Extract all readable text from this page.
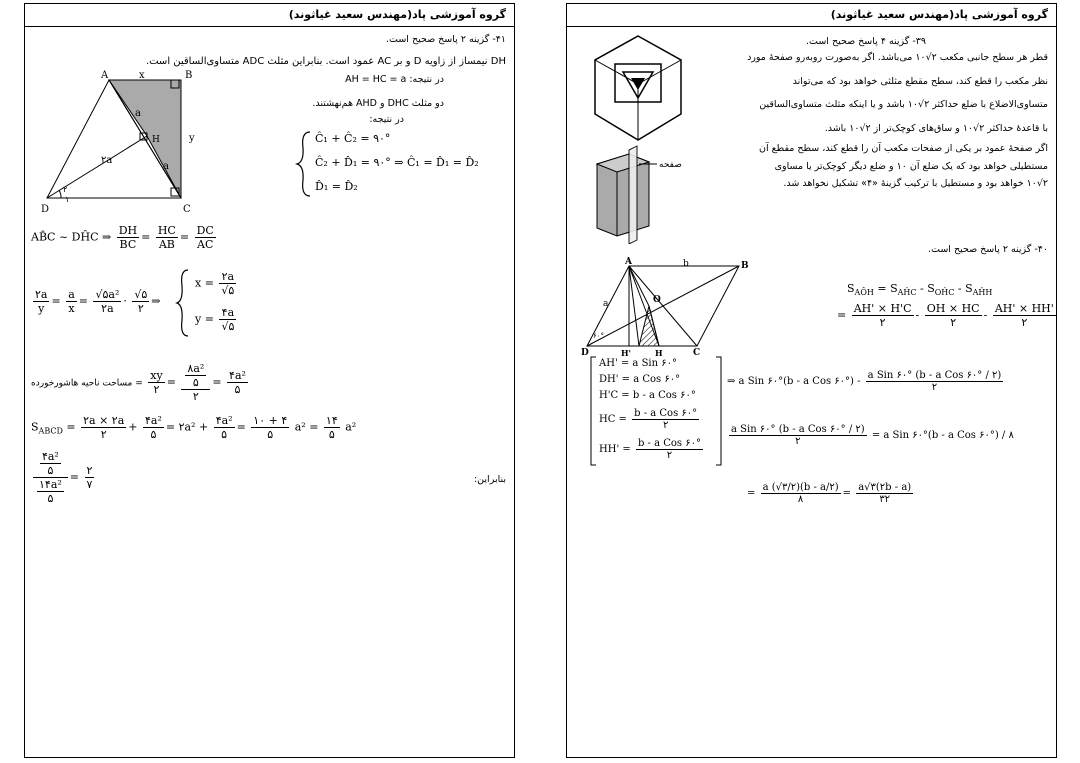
گروه آموزشی پاد(مهندس سعید غیاثوند)
۴۱- گزینه ۲ پاسخ صحیح است.
DH نیمساز از زاویه D و بر AC عمود است. بنابراین مثلث ADC متساوی‌الساقین است.
در نتیجه: AH = HC = a
دو مثلث DHC و AHD هم‌نهشتند.
در نتیجه:
Ĉ₁ + Ĉ₂ = ۹۰°
Ĉ₂ + D̂₁ = ۹۰° ⇒ Ĉ₁ = D̂₁ = D̂₂
D̂₁ = D̂₂
A	B
C
D
H
x
y
a
a
۲a
۲
۱
AB̂C ~ DĤC ⇒ $\frac{DH}{BC} = \frac{HC}{AB} = \frac{DC}{AC}$
$\frac{۲a}{y} = \frac{a}{x} = \frac{\text{√۵a²}}{۲a} \cdot \frac{√۵}{۲}$ ⇒
$x = \frac{۲a}{√۵}$
$y = \frac{۴a}{√۵}$
مساحت ناحیه هاشورخورده = $\frac{xy}{۲} = \frac{\frac{\text{۸a²}}{۵}}{۲} = \frac{\text{۴a²}}{۵}$
$S_{ABCD} = \frac{۲a \times ۲a}{۲} + \frac{\text{۴a²}}{۵}$ = ۲a² + $\frac{\text{۴a²}}{۵} = \frac{۱۰ + ۴}{۵} a^2 = \frac{۱۴}{۵} a^2$
بنابراین:
$\frac{\frac{\text{۴a²}}{۵}}{\frac{\text{۱۴a²}}{۵}} = \frac{۲}{۷}$
گروه آموزشی پاد(مهندس سعید غیاثوند)
صفحه
۳۹- گزینه ۴ پاسخ صحیح است.
قطر هر سطح جانبی مکعب ۲√۱۰ می‌باشد. اگر به‌صورت روبه‌رو صفحهٔ مورد
نظر مکعب را قطع کند، سطح مقطع مثلثی خواهد بود که می‌تواند
متساوی‌الاضلاع با ضلع حداکثر ۲√۱۰ باشد و یا اینکه مثلث متساوی‌الساقین
با قاعدهٔ حداکثر ۲√۱۰ و ساق‌های کوچک‌تر از ۲√۱۰ باشد.
اگر صفحهٔ عمود بر یکی از صفحات مکعب آن را قطع کند، سطح مقطع آن
مستطیلی خواهد بود که یک ضلع آن ۱۰ و ضلع دیگر کوچک‌تر یا مساوی
۲√۱۰ خواهد بود و مستطیل با ترکیب گزینهٔ «۴» تشکیل نخواهد شد.
۴۰- گزینه ۲ پاسخ صحیح است.
A	B
C
D
O
H
H'
a
b
۶۰°
$S_{AÔH} = S_{AĤC} - S_{OĤC} - S_{AĤH}$
= $\frac{AH' \times H'C}{۲} - \frac{OH \times HC}{۲} - \frac{AH' \times HH'}{۲}$
AH' = a Sin ۶۰°
DH' = a Cos ۶۰°
H'C = b - a Cos ۶۰°
HC = $\frac{\text{b - a Cos ۶۰°}}{۲}$
$HH' = \frac{\text{b - a Cos ۶۰°}}{۲}$
⇒ a Sin ۶۰°(b - a Cos ۶۰°) - $\frac{\text{a Sin ۶۰° (b - a Cos ۶۰° / ۲)}}{۲}$
$\frac{\text{a Sin ۶۰° (b - a Cos ۶۰° / ۲)}}{۲} = a$ Sin ۶۰°(b - a Cos ۶۰°) / ۸
= $\frac{a (√۳/۲)(b - a/۲)}{۸} = \frac{a√۳(۲b - a)}{۳۲}$
